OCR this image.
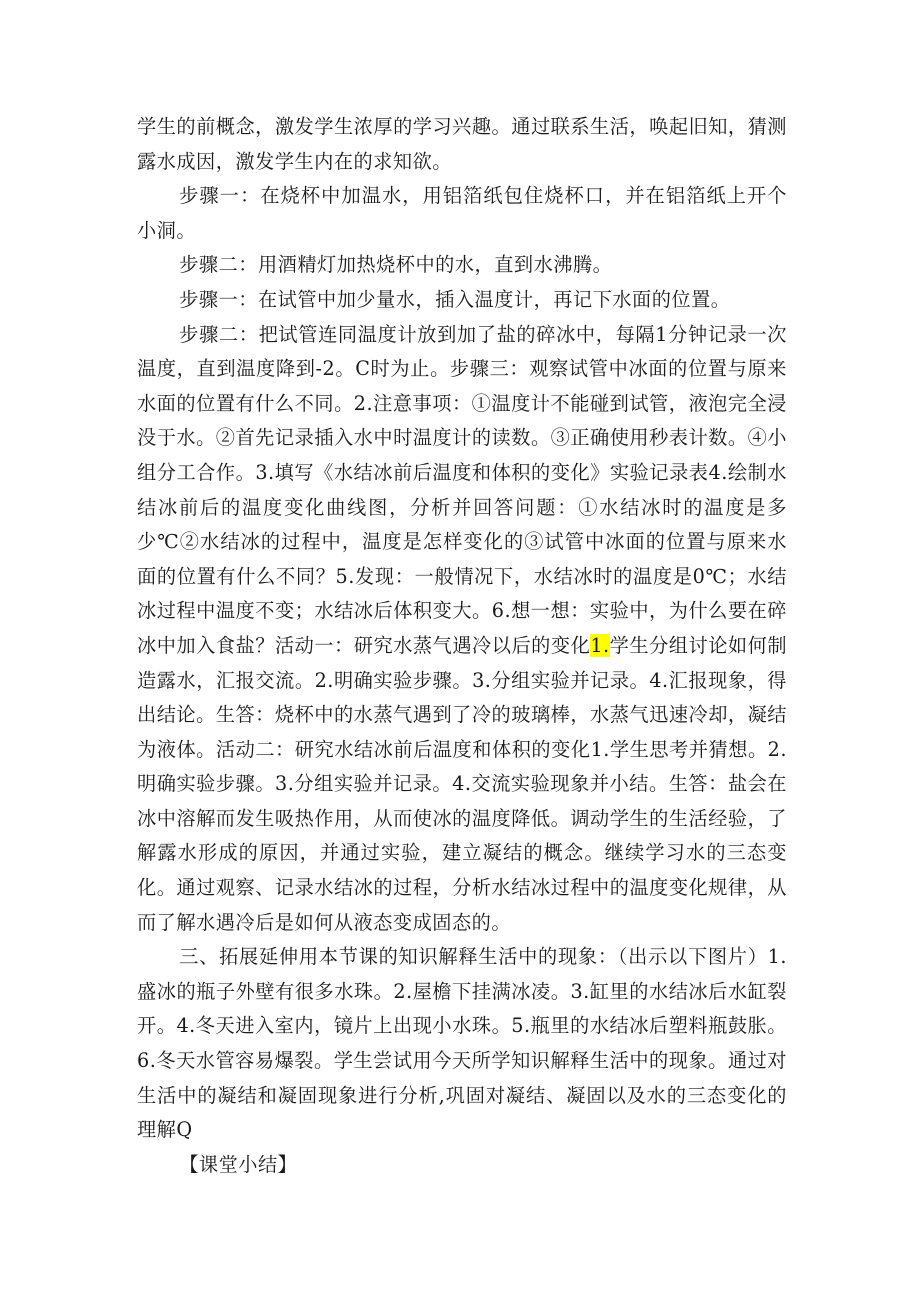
学生的前概念，激发学生浓厚的学习兴趣。通过联系生活，唤起旧知，猜测露水成因，激发学生内在的求知欲。

步骤一：在烧杯中加温水，用铝箔纸包住烧杯口，并在铝箔纸上开个小洞。

步骤二：用酒精灯加热烧杯中的水，直到水沸腾。

步骤一：在试管中加少量水，插入温度计，再记下水面的位置。

步骤二：把试管连同温度计放到加了盐的碎冰中，每隔1分钟记录一次温度，直到温度降到-2。C时为止。步骤三：观察试管中冰面的位置与原来水面的位置有什么不同。2.注意事项：①温度计不能碰到试管，液泡完全浸没于水。②首先记录插入水中时温度计的读数。③正确使用秒表计数。④小组分工合作。3.填写《水结冰前后温度和体积的变化》实验记录表4.绘制水结冰前后的温度变化曲线图，分析并回答问题：①水结冰时的温度是多少℃②水结冰的过程中，温度是怎样变化的③试管中冰面的位置与原来水面的位置有什么不同？5.发现：一般情况下，水结冰时的温度是0℃；水结冰过程中温度不变；水结冰后体积变大。6.想一想：实验中，为什么要在碎冰中加入食盐？活动一：研究水蒸气遇冷以后的变化1.学生分组讨论如何制造露水，汇报交流。2.明确实验步骤。3.分组实验并记录。4.汇报现象，得出结论。生答：烧杯中的水蒸气遇到了冷的玻璃棒，水蒸气迅速冷却，凝结为液体。活动二：研究水结冰前后温度和体积的变化1.学生思考并猜想。2.明确实验步骤。3.分组实验并记录。4.交流实验现象并小结。生答：盐会在冰中溶解而发生吸热作用，从而使冰的温度降低。调动学生的生活经验，了解露水形成的原因，并通过实验，建立凝结的概念。继续学习水的三态变化。通过观察、记录水结冰的过程，分析水结冰过程中的温度变化规律，从而了解水遇冷后是如何从液态变成固态的。

三、拓展延伸用本节课的知识解释生活中的现象：（出示以下图片）1.盛冰的瓶子外壁有很多水珠。2.屋檐下挂满冰凌。3.缸里的水结冰后水缸裂开。4.冬天进入室内，镜片上出现小水珠。5.瓶里的水结冰后塑料瓶鼓胀。6.冬天水管容易爆裂。学生尝试用今天所学知识解释生活中的现象。通过对生活中的凝结和凝固现象进行分析,巩固对凝结、凝固以及水的三态变化的理解Q

【课堂小结】
